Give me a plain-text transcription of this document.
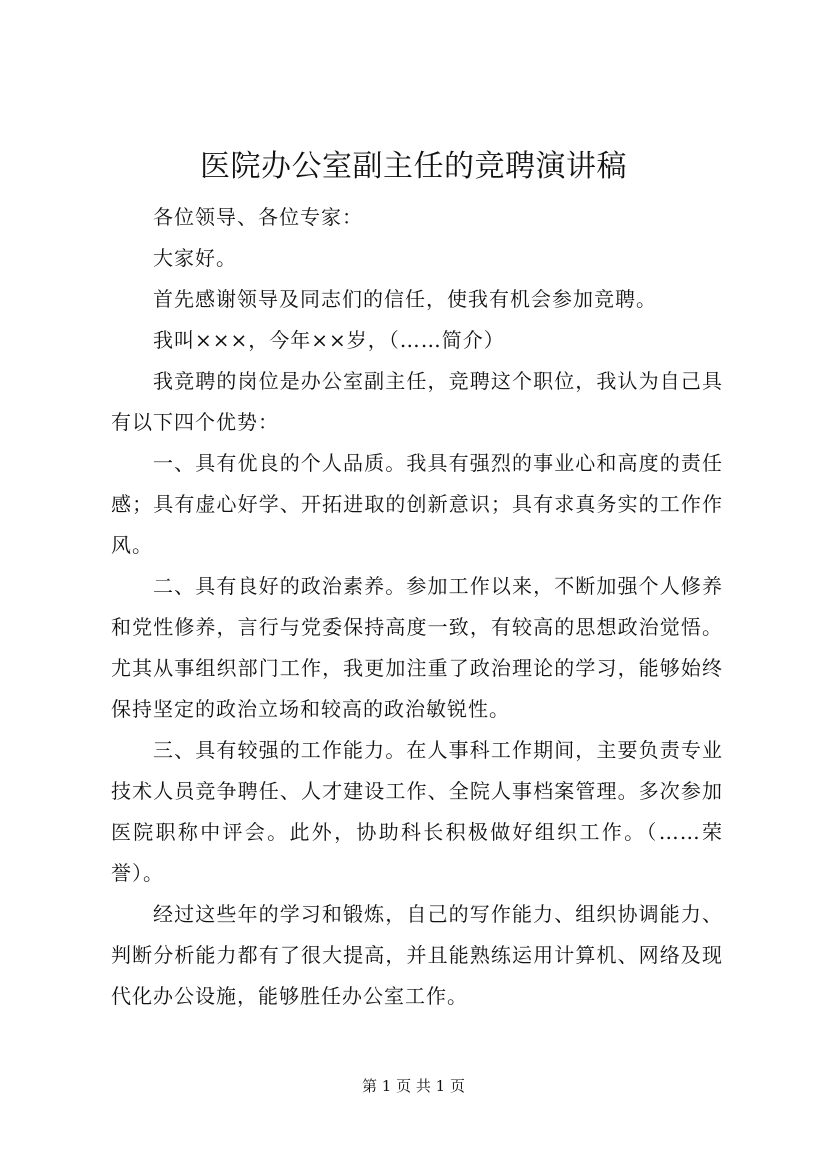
医院办公室副主任的竞聘演讲稿

各位领导、各位专家：

大家好。

首先感谢领导及同志们的信任，使我有机会参加竞聘。

我叫×××，今年××岁，（……简介）

我竞聘的岗位是办公室副主任，竞聘这个职位，我认为自己具有以下四个优势：

一、具有优良的个人品质。我具有强烈的事业心和高度的责任感；具有虚心好学、开拓进取的创新意识；具有求真务实的工作作风。

二、具有良好的政治素养。参加工作以来，不断加强个人修养和党性修养，言行与党委保持高度一致，有较高的思想政治觉悟。尤其从事组织部门工作，我更加注重了政治理论的学习，能够始终保持坚定的政治立场和较高的政治敏锐性。

三、具有较强的工作能力。在人事科工作期间，主要负责专业技术人员竞争聘任、人才建设工作、全院人事档案管理。多次参加医院职称中评会。此外，协助科长积极做好组织工作。（……荣誉）。

经过这些年的学习和锻炼，自己的写作能力、组织协调能力、判断分析能力都有了很大提高，并且能熟练运用计算机、网络及现代化办公设施，能够胜任办公室工作。

第 1 页 共 1 页
